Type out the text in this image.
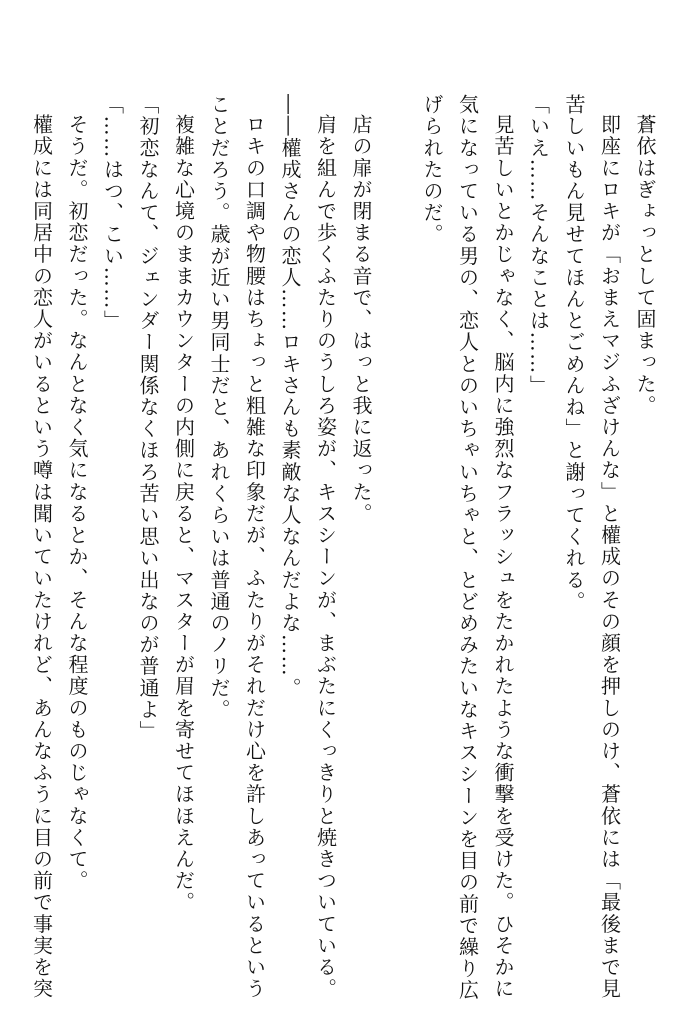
蒼依はぎょっとして固まった。
即座にロキが「おまえマジふざけんな」と權成のその顔を押しのけ、蒼依には「最後まで見
苦しいもん見せてほんとごめんね」と謝ってくれる。
「いえ……そんなことは……」
見苦しいとかじゃなく、脳内に強烈なフラッシュをたかれたような衝撃を受けた。ひそかに
気になっている男の、恋人とのいちゃいちゃと、とどめみたいなキスシーンを目の前で繰り広
げられたのだ。
店の扉が閉まる音で、はっと我に返った。
肩を組んで歩くふたりのうしろ姿が、キスシーンが、まぶたにくっきりと焼きついている。
――權成さんの恋人……ロキさんも素敵な人なんだよな……。
ロキの口調や物腰はちょっと粗雑な印象だが、ふたりがそれだけ心を許しあっているという
ことだろう。歳が近い男同士だと、あれくらいは普通のノリだ。
複雑な心境のままカウンターの内側に戻ると、マスターが眉を寄せてほほえんだ。
「初恋なんて、ジェンダー関係なくほろ苦い思い出なのが普通よ」
「……はつ、こい……」
そうだ。初恋だった。なんとなく気になるとか、そんな程度のものじゃなくて。
權成には同居中の恋人がいるという噂は聞いていたけれど、あんなふうに目の前で事実を突
